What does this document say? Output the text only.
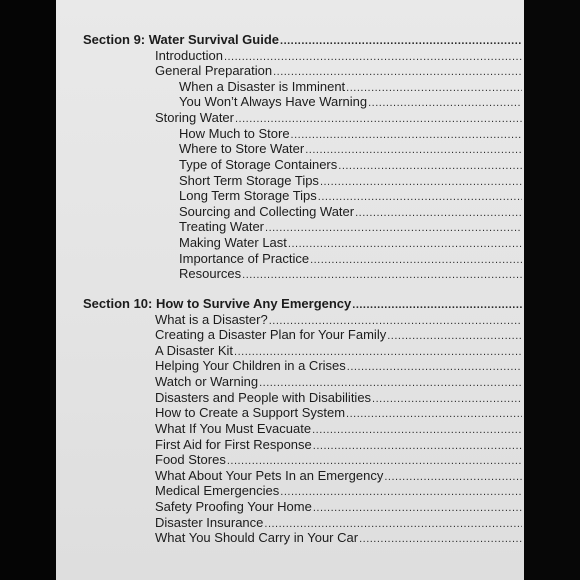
Section 9: Water Survival Guide
.....
Introduction
.....
General Preparation
.....
When a Disaster is Imminent
.....
You Won’t Always Have Warning
.....
Storing Water
.....
How Much to Store
.....
Where to Store Water
.....
Type of Storage Containers
.....
Short Term Storage Tips
.....
Long Term Storage Tips
.....
Sourcing and Collecting Water
.....
Treating Water
.....
Making Water Last
.....
Importance of Practice
.....
Resources
.....
Section 10: How to Survive Any Emergency
.....
What is a Disaster?
.....
Creating a Disaster Plan for Your Family
.....
A Disaster Kit
.....
Helping Your Children in a Crises
.....
Watch or Warning
.....
Disasters and People with Disabilities
.....
How to Create a Support System
.....
What If You Must Evacuate
.....
First Aid for First Response
.....
Food Stores
.....
What About Your Pets In an Emergency
.....
Medical Emergencies
.....
Safety Proofing Your Home
.....
Disaster Insurance
.....
What You Should Carry in Your Car
.....
